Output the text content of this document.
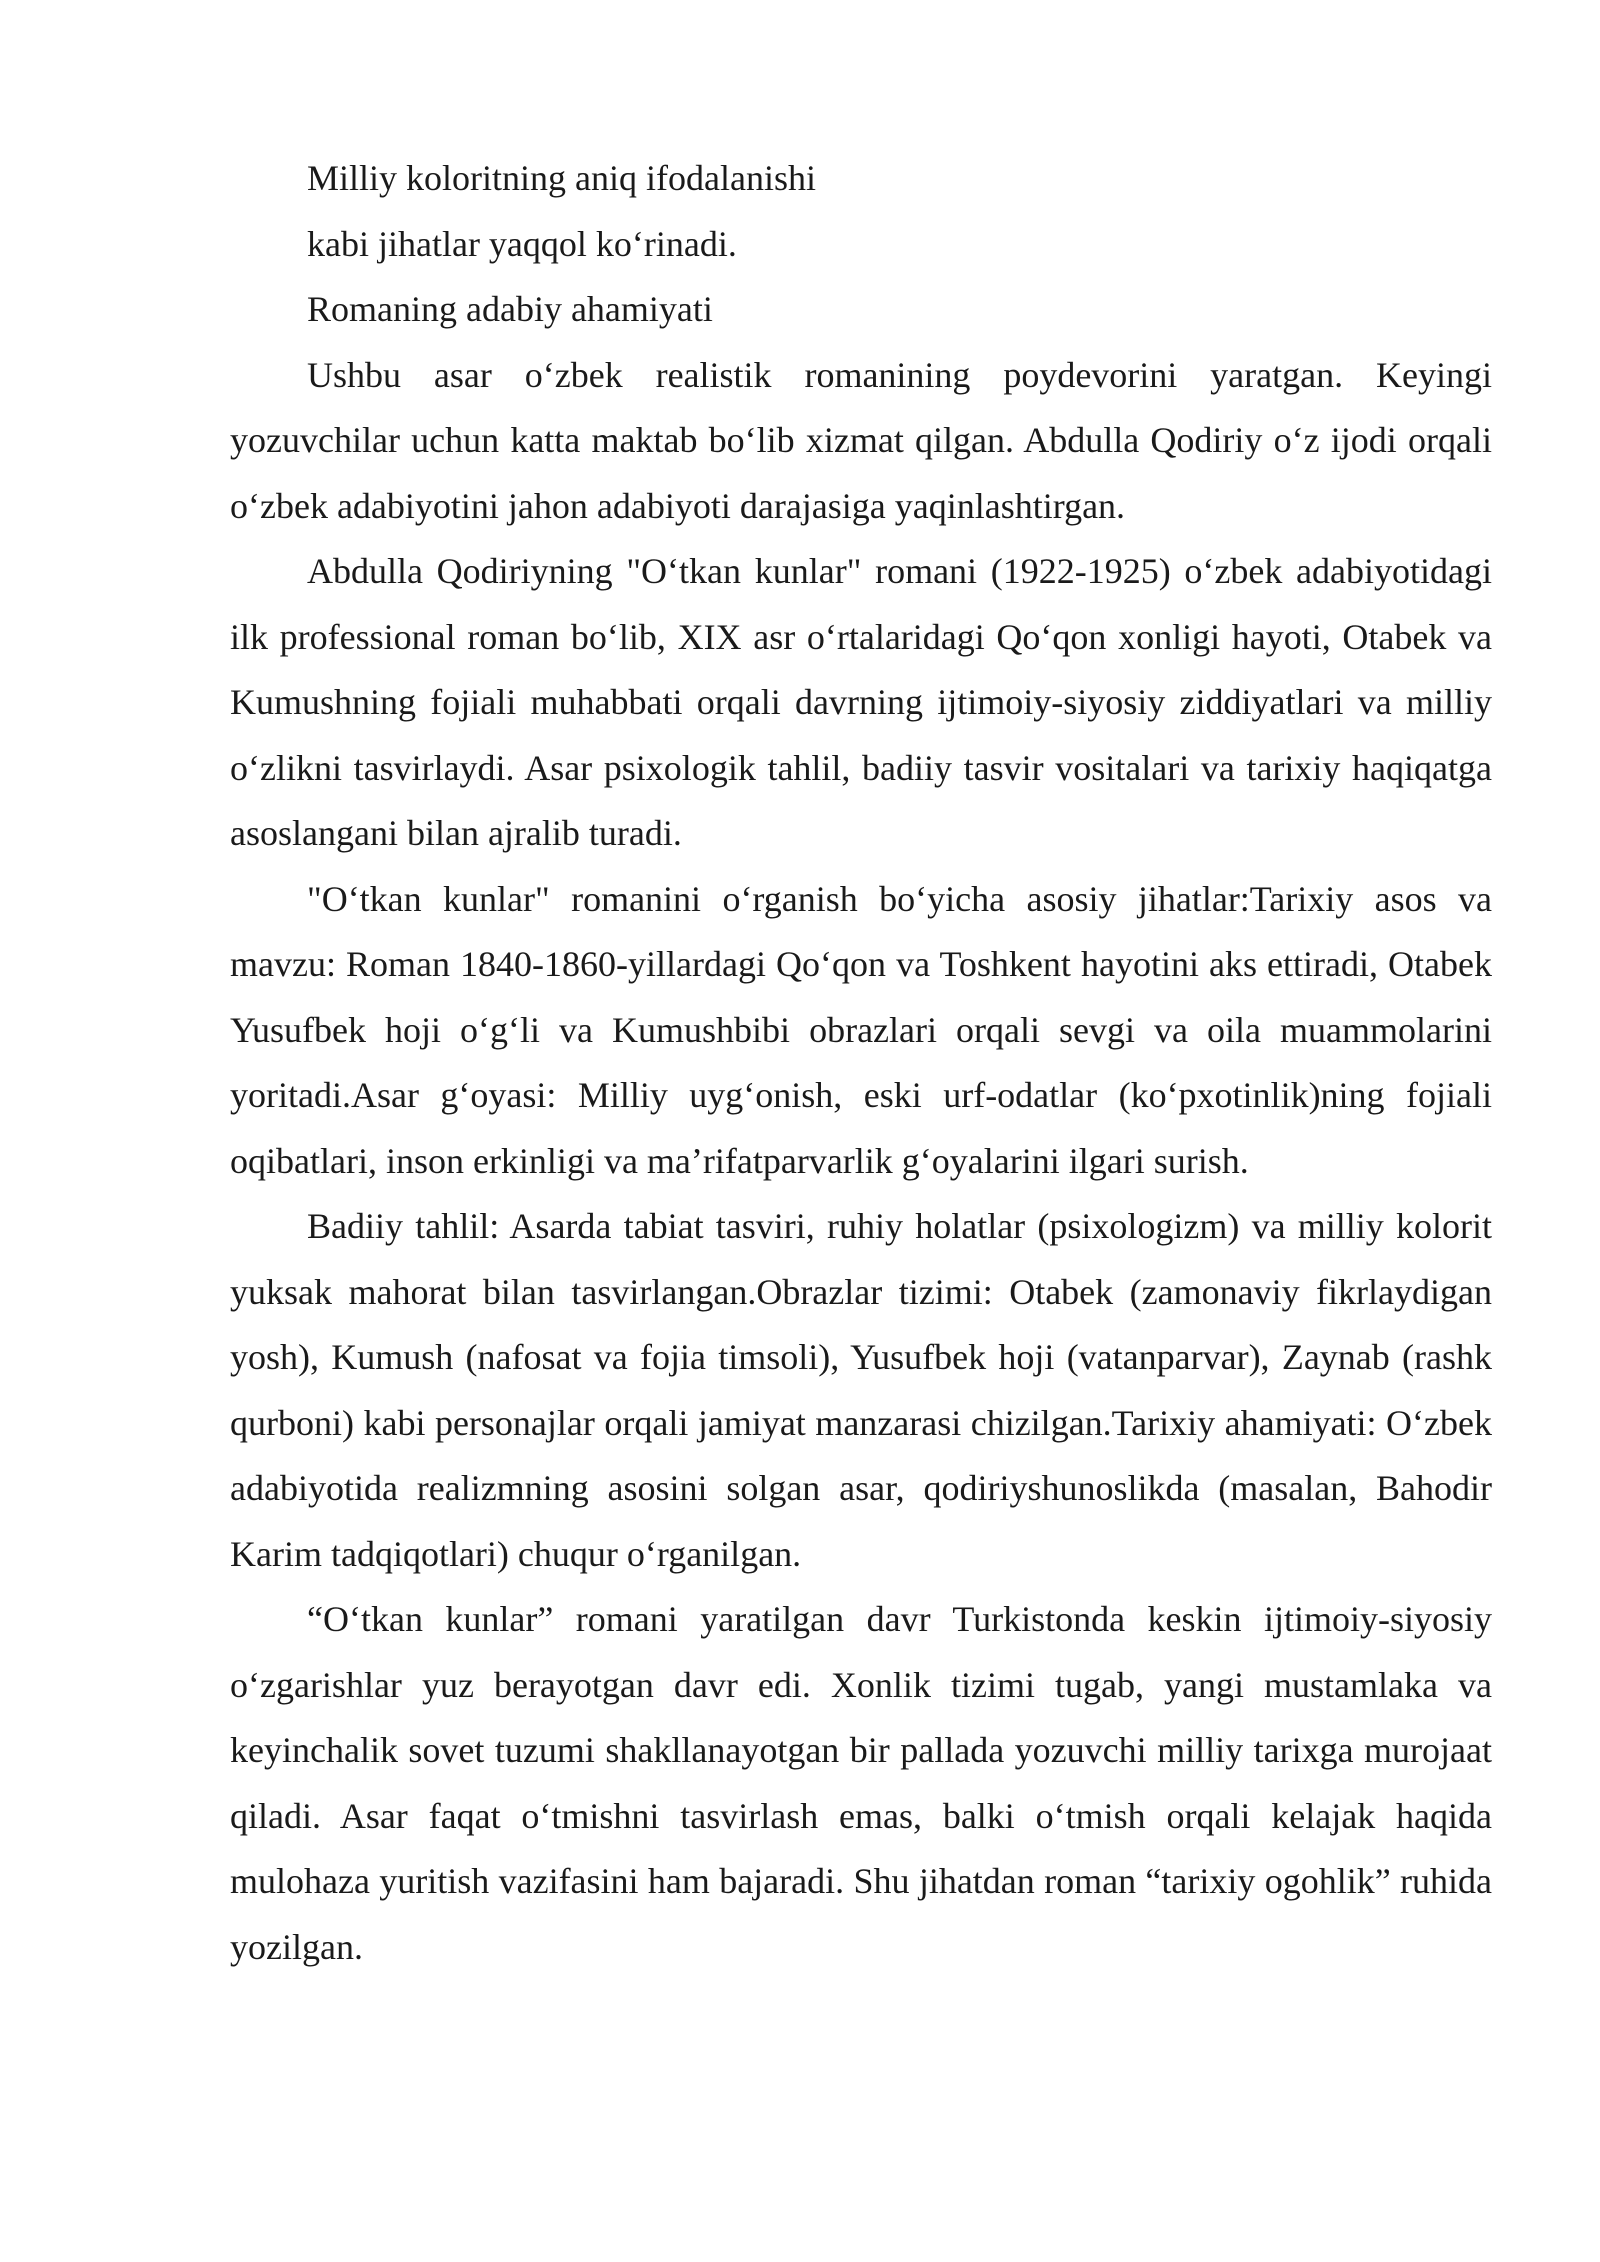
Milliy koloritning aniq ifodalanishi

kabi jihatlar yaqqol koʻrinadi.

Romaning adabiy ahamiyati

Ushbu asar oʻzbek realistik romanining poydevorini yaratgan. Keyingi yozuvchilar uchun katta maktab boʻlib xizmat qilgan. Abdulla Qodiriy oʻz ijodi orqali oʻzbek adabiyotini jahon adabiyoti darajasiga yaqinlashtirgan.

Abdulla Qodiriyning "Oʻtkan kunlar" romani (1922-1925) oʻzbek adabiyotidagi ilk professional roman boʻlib, XIX asr oʻrtalaridagi Qoʻqon xonligi hayoti, Otabek va Kumushning fojiali muhabbati orqali davrning ijtimoiy-siyosiy ziddiyatlari va milliy oʻzlikni tasvirlaydi. Asar psixologik tahlil, badiiy tasvir vositalari va tarixiy haqiqatga asoslangani bilan ajralib turadi.

"Oʻtkan kunlar" romanini oʻrganish boʻyicha asosiy jihatlar:Tarixiy asos va mavzu: Roman 1840-1860-yillardagi Qoʻqon va Toshkent hayotini aks ettiradi, Otabek Yusufbek hoji oʻgʻli va Kumushbibi obrazlari orqali sevgi va oila muammolarini yoritadi.Asar gʻoyasi: Milliy uygʻonish, eski urf-odatlar (koʻpxotinlik)ning fojiali oqibatlari, inson erkinligi va maʼrifatparvarlik gʻoyalarini ilgari surish.

Badiiy tahlil: Asarda tabiat tasviri, ruhiy holatlar (psixologizm) va milliy kolorit yuksak mahorat bilan tasvirlangan.Obrazlar tizimi: Otabek (zamonaviy fikrlaydigan yosh), Kumush (nafosat va fojia timsoli), Yusufbek hoji (vatanparvar), Zaynab (rashk qurboni) kabi personajlar orqali jamiyat manzarasi chizilgan.Tarixiy ahamiyati: Oʻzbek adabiyotida realizmning asosini solgan asar, qodiriyshunoslikda (masalan, Bahodir Karim tadqiqotlari) chuqur oʻrganilgan.

“Oʻtkan kunlar” romani yaratilgan davr Turkistonda keskin ijtimoiy-siyosiy oʻzgarishlar yuz berayotgan davr edi. Xonlik tizimi tugab, yangi mustamlaka va keyinchalik sovet tuzumi shakllanayotgan bir pallada yozuvchi milliy tarixga murojaat qiladi. Asar faqat oʻtmishni tasvirlash emas, balki oʻtmish orqali kelajak haqida mulohaza yuritish vazifasini ham bajaradi. Shu jihatdan roman “tarixiy ogohlik” ruhida yozilgan.
